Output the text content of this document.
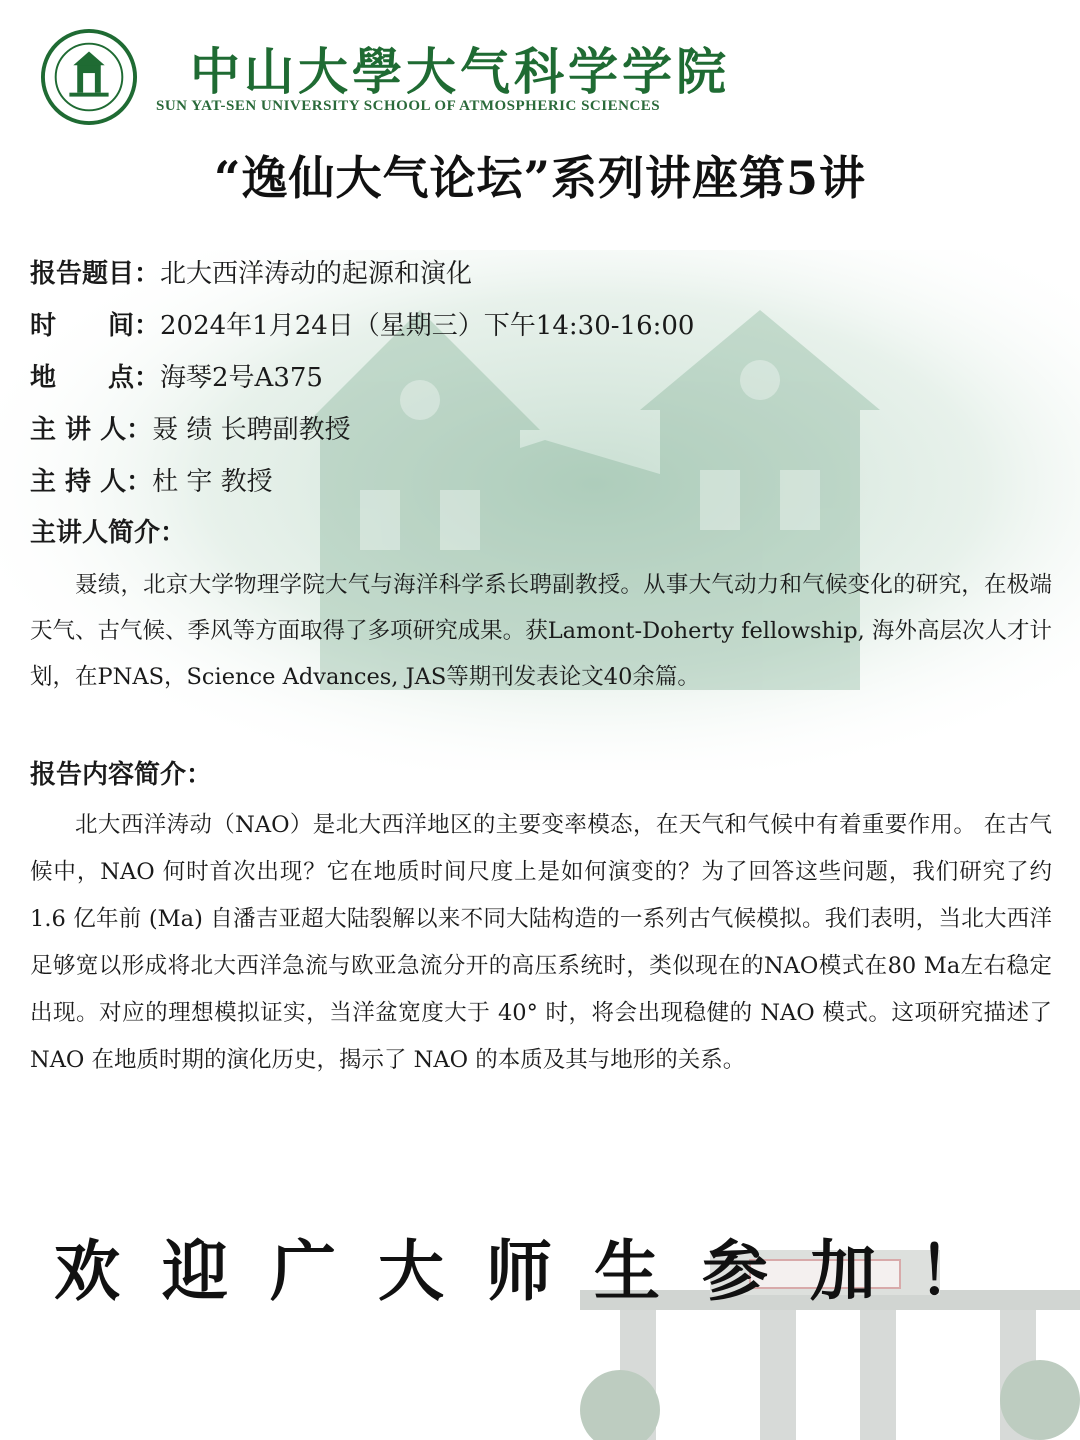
中山大學大气科学学院
SUN YAT-SEN UNIVERSITY SCHOOL OF ATMOSPHERIC SCIENCES
“逸仙大气论坛”系列讲座第5讲
报告题目：北大西洋涛动的起源和演化
时　　间：2024年1月24日（星期三）下午14:30-16:00
地　　点：海琴2号A375
主 讲 人：聂 绩 长聘副教授
主 持 人：杜 宇 教授
主讲人简介：
聂绩，北京大学物理学院大气与海洋科学系长聘副教授。从事大气动力和气候变化的研究，在极端天气、古气候、季风等方面取得了多项研究成果。获Lamont-Doherty fellowship, 海外高层次人才计划，在PNAS，Science Advances, JAS等期刊发表论文40余篇。
报告内容简介：
北大西洋涛动（NAO）是北大西洋地区的主要变率模态，在天气和气候中有着重要作用。 在古气候中，NAO 何时首次出现？它在地质时间尺度上是如何演变的？为了回答这些问题，我们研究了约 1.6 亿年前 (Ma) 自潘吉亚超大陆裂解以来不同大陆构造的一系列古气候模拟。我们表明，当北大西洋足够宽以形成将北大西洋急流与欧亚急流分开的高压系统时，类似现在的NAO模式在80 Ma左右稳定出现。对应的理想模拟证实，当洋盆宽度大于 40° 时，将会出现稳健的 NAO 模式。这项研究描述了 NAO 在地质时期的演化历史，揭示了 NAO 的本质及其与地形的关系。
欢迎广大师生参加！
